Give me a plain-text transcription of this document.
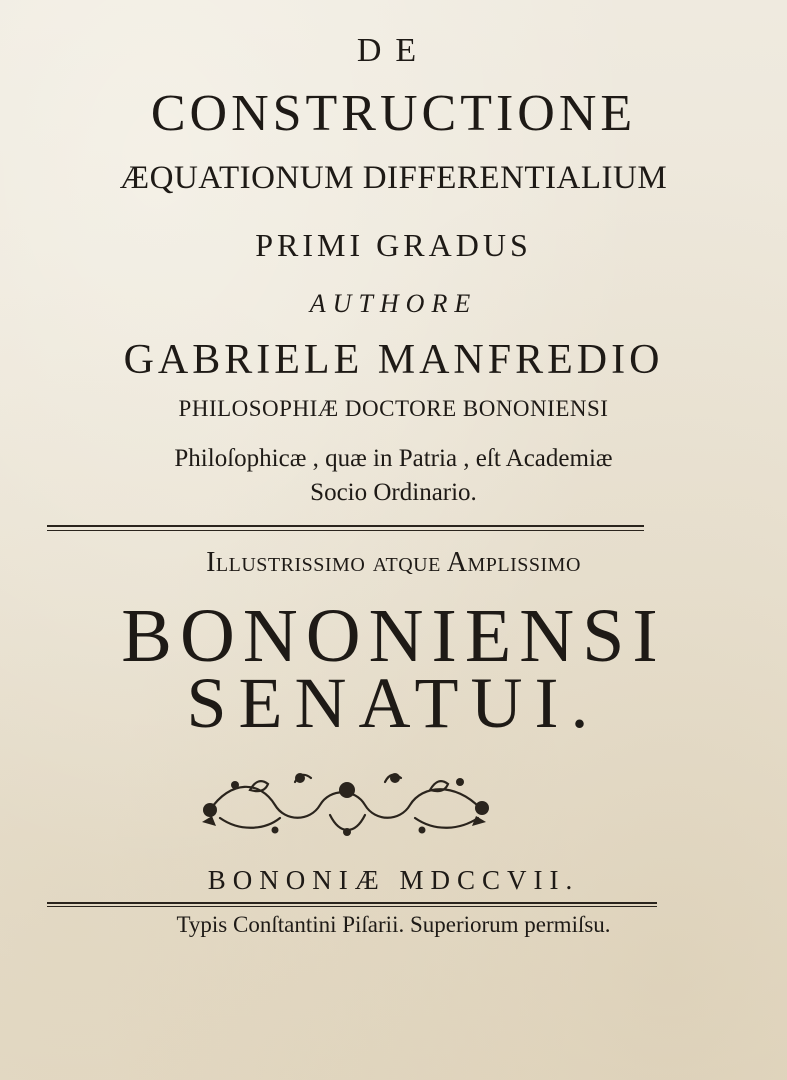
DE

CONSTRUCTIONE

ÆQUATIONUM DIFFERENTIALIUM

PRIMI GRADUS

AUTHORE

GABRIELE MANFREDIO

PHILOSOPHIÆ DOCTORE BONONIENSI

Philoſophicæ , quæ in Patria , eſt Academiæ

Socio Ordinario.

Illustrissimo atque Amplissimo

BONONIENSI

SENATUI.

BONONIÆ MDCCVII.

Typis Conſtantini Piſarii. Superiorum permiſsu.
